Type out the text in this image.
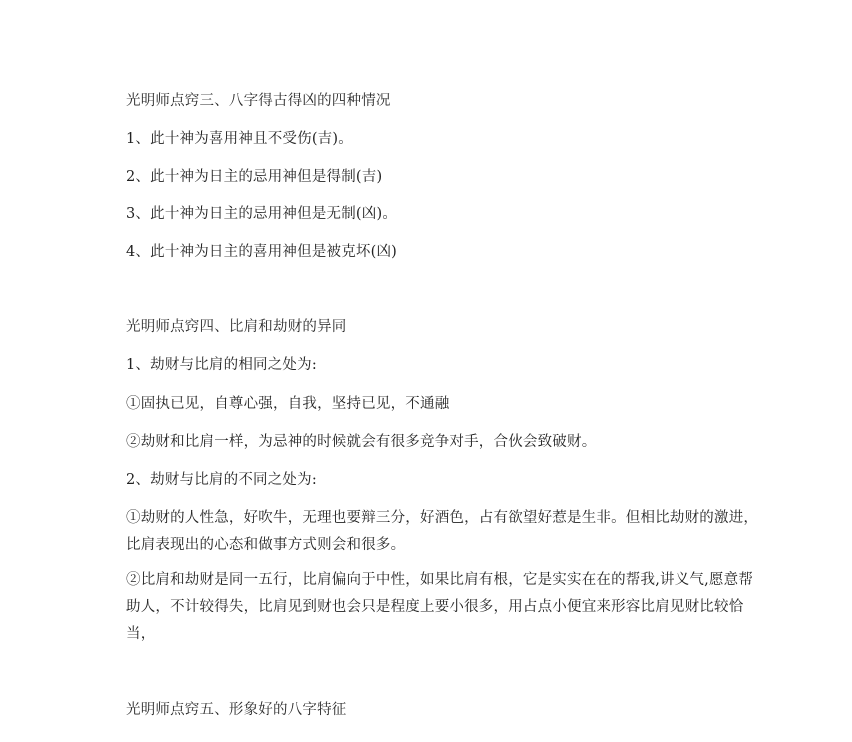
光明师点窍三、八字得古得凶的四种情况
1、此十神为喜用神且不受伤(吉)。
2、此十神为日主的忌用神但是得制(吉)
3、此十神为日主的忌用神但是无制(凶)。
4、此十神为日主的喜用神但是被克坏(凶)
光明师点窍四、比肩和劫财的异同
1、劫财与比肩的相同之处为:
①固执已见，自尊心强，自我，坚持已见，不通融
②劫财和比肩一样，为忌神的时候就会有很多竞争对手，合伙会致破财。
2、劫财与比肩的不同之处为:
①劫财的人性急，好吹牛，无理也要辩三分，好酒色，占有欲望好惹是生非。但相比劫财的激进，比肩表现出的心态和做事方式则会和很多。
②比肩和劫财是同一五行，比肩偏向于中性，如果比肩有根，它是实实在在的帮我,讲义气,愿意帮助人，不计较得失，比肩见到财也会只是程度上要小很多，用占点小便宜来形容比肩见财比较恰当，
光明师点窍五、形象好的八字特征
